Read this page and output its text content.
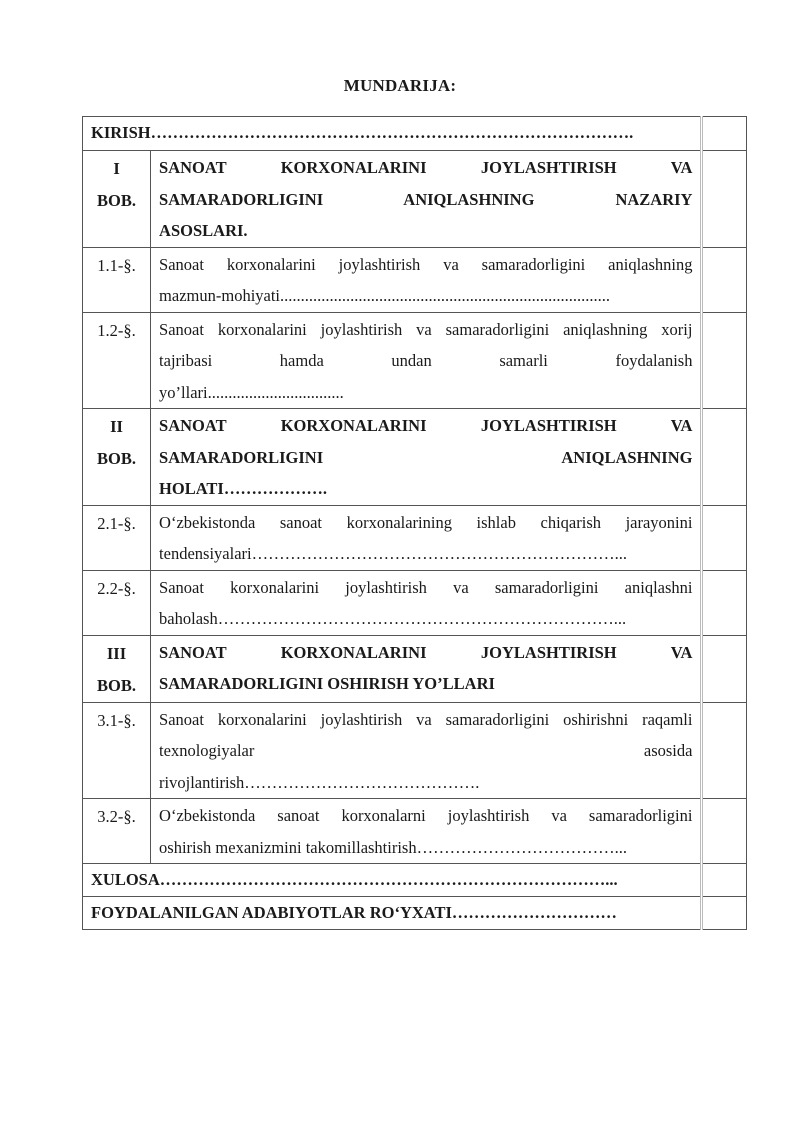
MUNDARIJA:
KIRISH…………………………………………………………………………….		

I
BOB.	SANOAT KORXONALARINI JOYLASHTIRISH VA
SAMARADORLIGINI ANIQLASHNING NAZARIY
ASOSLARI.	

1.1-§.	Sanoat korxonalarini joylashtirish va samaradorligini aniqlashning
mazmun-mohiyati................................................................................	

1.2-§.	Sanoat korxonalarini joylashtirish va samaradorligini aniqlashning xorij
tajribasi hamda undan samarli foydalanish
yo’llari.................................	

II
BOB.	SANOAT KORXONALARINI JOYLASHTIRISH VA
SAMARADORLIGINI ANIQLASHNING
HOLATI……………….	

2.1-§.	O‘zbekistonda sanoat korxonalarining ishlab chiqarish jarayonini
tendensiyalari…………………………………………………………...	

2.2-§.	Sanoat korxonalarini joylashtirish va samaradorligini aniqlashni
baholash………………………………………………………………...	

III
BOB.	SANOAT KORXONALARINI JOYLASHTIRISH VA
SAMARADORLIGINI OSHIRISH YO’LLARI	

3.1-§.	Sanoat korxonalarini joylashtirish va samaradorligini oshirishni raqamli
texnologiyalar asosida
rivojlantirish…………………………………….	

3.2-§.	O‘zbekistonda sanoat korxonalarni joylashtirish va samaradorligini
oshirish mexanizmini takomillashtirish………………………………...	

XULOSA………………………………………………………………………...		
FOYDALANILGAN ADABIYOTLAR RO‘YXATI…………………………		
